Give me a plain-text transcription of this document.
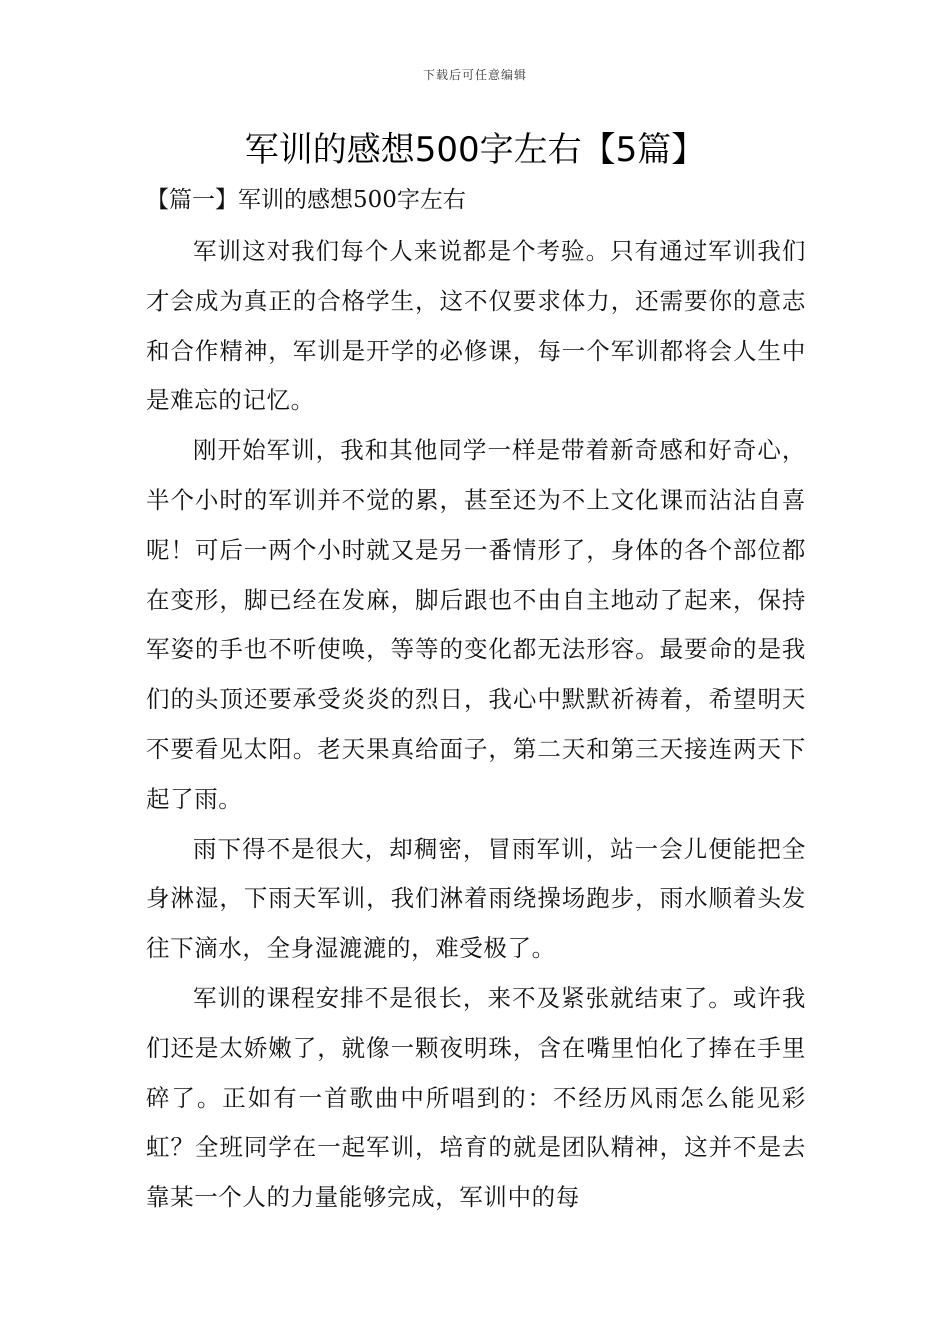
下载后可任意编辑
军训的感想500字左右【5篇】
【篇一】军训的感想500字左右

军训这对我们每个人来说都是个考验。只有通过军训我们才会成为真正的合格学生，这不仅要求体力，还需要你的意志和合作精神，军训是开学的必修课，每一个军训都将会人生中是难忘的记忆。

刚开始军训，我和其他同学一样是带着新奇感和好奇心，半个小时的军训并不觉的累，甚至还为不上文化课而沾沾自喜呢！可后一两个小时就又是另一番情形了，身体的各个部位都在变形，脚已经在发麻，脚后跟也不由自主地动了起来，保持军姿的手也不听使唤，等等的变化都无法形容。最要命的是我们的头顶还要承受炎炎的烈日，我心中默默祈祷着，希望明天不要看见太阳。老天果真给面子，第二天和第三天接连两天下起了雨。

雨下得不是很大，却稠密，冒雨军训，站一会儿便能把全身淋湿，下雨天军训，我们淋着雨绕操场跑步，雨水顺着头发往下滴水，全身湿漉漉的，难受极了。

军训的课程安排不是很长，来不及紧张就结束了。或许我们还是太娇嫩了，就像一颗夜明珠，含在嘴里怕化了捧在手里碎了。正如有一首歌曲中所唱到的：不经历风雨怎么能见彩虹？全班同学在一起军训，培育的就是团队精神，这并不是去靠某一个人的力量能够完成，军训中的每
